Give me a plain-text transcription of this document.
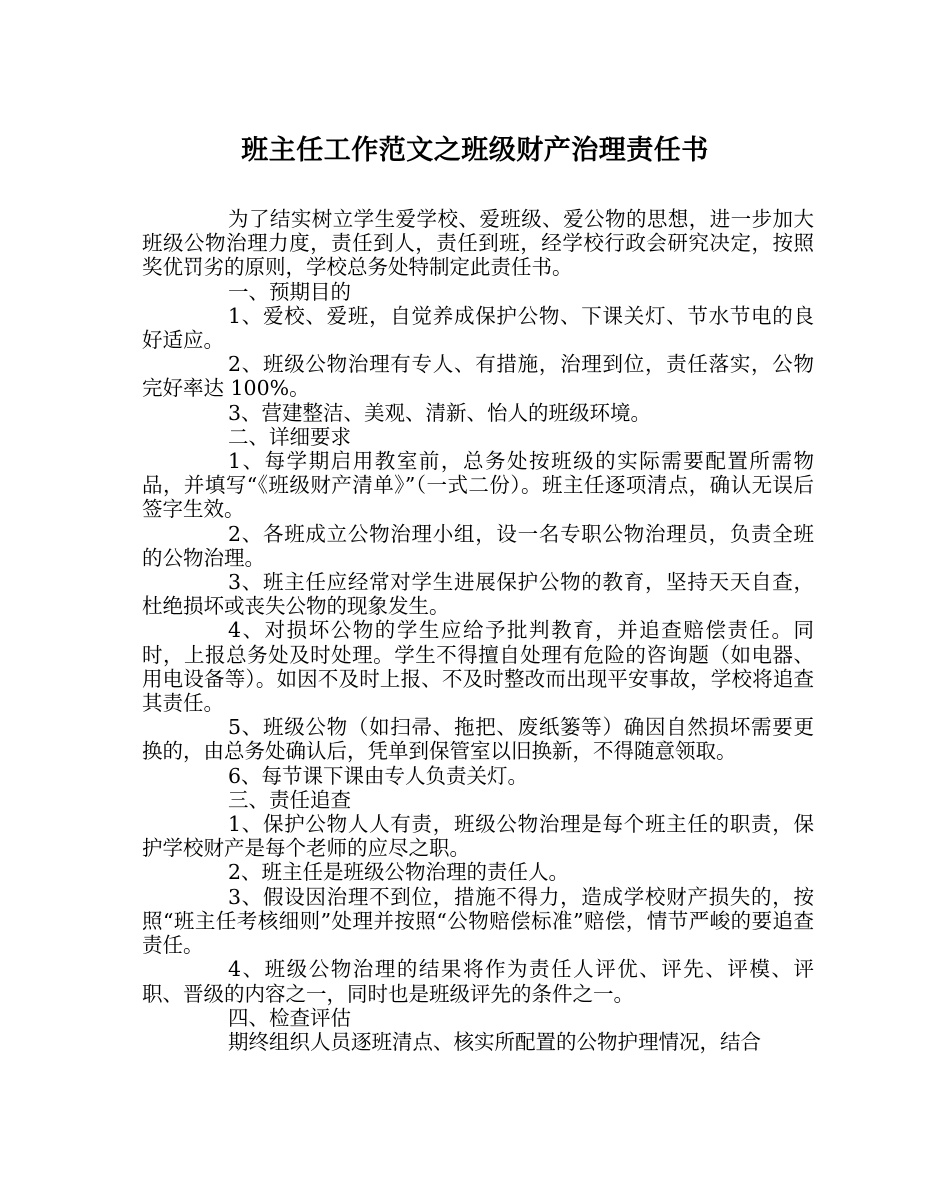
班主任工作范文之班级财产治理责任书

为了结实树立学生爱学校、爱班级、爱公物的思想，进一步加大班级公物治理力度，责任到人，责任到班，经学校行政会研究决定，按照奖优罚劣的原则，学校总务处特制定此责任书。

一、预期目的

1、爱校、爱班，自觉养成保护公物、下课关灯、节水节电的良好适应。

2、班级公物治理有专人、有措施，治理到位，责任落实，公物完好率达 100%。

3、营建整洁、美观、清新、怡人的班级环境。

二、详细要求

1、每学期启用教室前，总务处按班级的实际需要配置所需物品，并填写“《班级财产清单》”（一式二份）。班主任逐项清点，确认无误后签字生效。

2、各班成立公物治理小组，设一名专职公物治理员，负责全班的公物治理。

3、班主任应经常对学生进展保护公物的教育，坚持天天自查，杜绝损坏或丧失公物的现象发生。

4、对损坏公物的学生应给予批判教育，并追查赔偿责任。同时，上报总务处及时处理。学生不得擅自处理有危险的咨询题（如电器、用电设备等）。如因不及时上报、不及时整改而出现平安事故，学校将追查其责任。

5、班级公物（如扫帚、拖把、废纸篓等）确因自然损坏需要更换的，由总务处确认后，凭单到保管室以旧换新，不得随意领取。

6、每节课下课由专人负责关灯。

三、责任追查

1、保护公物人人有责，班级公物治理是每个班主任的职责，保护学校财产是每个老师的应尽之职。

2、班主任是班级公物治理的责任人。

3、假设因治理不到位，措施不得力，造成学校财产损失的，按照“班主任考核细则”处理并按照“公物赔偿标准”赔偿，情节严峻的要追查责任。

4、班级公物治理的结果将作为责任人评优、评先、评模、评职、晋级的内容之一，同时也是班级评先的条件之一。

四、检查评估

期终组织人员逐班清点、核实所配置的公物护理情况，结合
